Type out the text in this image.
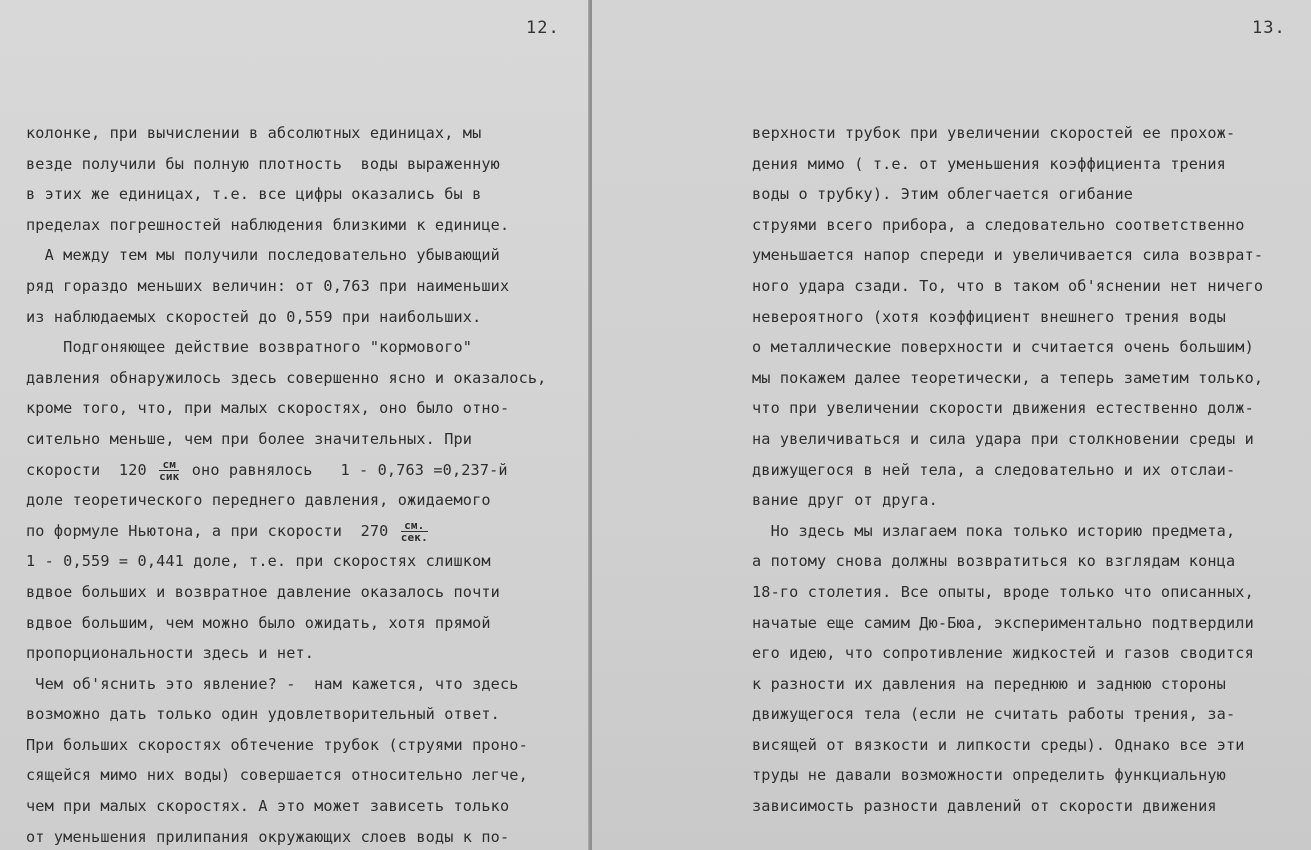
12.
колонке, при вычислении в абсолютных единицах, мы
везде получили бы полную плотность  воды выраженную
в этих же единицах, т.е. все цифры оказались бы в
пределах погрешностей наблюдения близкими к единице.
А между тем мы получили последовательно убывающий
ряд гораздо меньших величин: от 0,763 при наименьших
из наблюдаемых скоростей до 0,559 при наибольших.
Подгоняющее действие возвратного "кормового"
давления обнаружилось здесь совершенно ясно и оказалось,
кроме того, что, при малых скоростях, оно было отно-
сительно меньше, чем при более значительных. При
скорости  $120 \frac{см}{\text{сик}}$ оно равнялось   1 - 0,763 =0,237-й
доле теоретического переднего давления, ожидаемого
по формуле Ньютона, а при скорости  $270 \frac{см.}{\text{сек.}}$
1 - 0,559 = 0,441 доле, т.е. при скоростях слишком
вдвое больших и возвратное давление оказалось почти
вдвое большим, чем можно было ожидать, хотя прямой
пропорциональности здесь и нет.
Чем об'яснить это явление? -  нам кажется, что здесь
возможно дать только один удовлетворительный ответ.
При больших скоростях обтечение трубок (струями проно-
сящейся мимо них воды) совершается относительно легче,
чем при малых скоростях. А это может зависеть только
от уменьшения прилипания окружающих слоев воды к по-
13.
верхности трубок при увеличении скоростей ее прохож-
дения мимо ( т.е. от уменьшения коэффициента трения
воды о трубку). Этим облегчается огибание
струями всего прибора, а следовательно соответственно
уменьшается напор спереди и увеличивается сила возврат-
ного удара сзади. То, что в таком об'яснении нет ничего
невероятного (хотя коэффициент внешнего трения воды
о металлические поверхности и считается очень большим)
мы покажем далее теоретически, а теперь заметим только,
что при увеличении скорости движения естественно долж-
на увеличиваться и сила удара при столкновении среды и
движущегося в ней тела, а следовательно и их отслаи-
вание друг от друга.
Но здесь мы излагаем пока только историю предмета,
а потому снова должны возвратиться ко взглядам конца
18-го столетия. Все опыты, вроде только что описанных,
начатые еще самим Дю-Бюа, экспериментально подтвердили
его идею, что сопротивление жидкостей и газов сводится
к разности их давления на переднюю и заднюю стороны
движущегося тела (если не считать работы трения, за-
висящей от вязкости и липкости среды). Однако все эти
труды не давали возможности определить функциальную
зависимость разности давлений от скорости движения
